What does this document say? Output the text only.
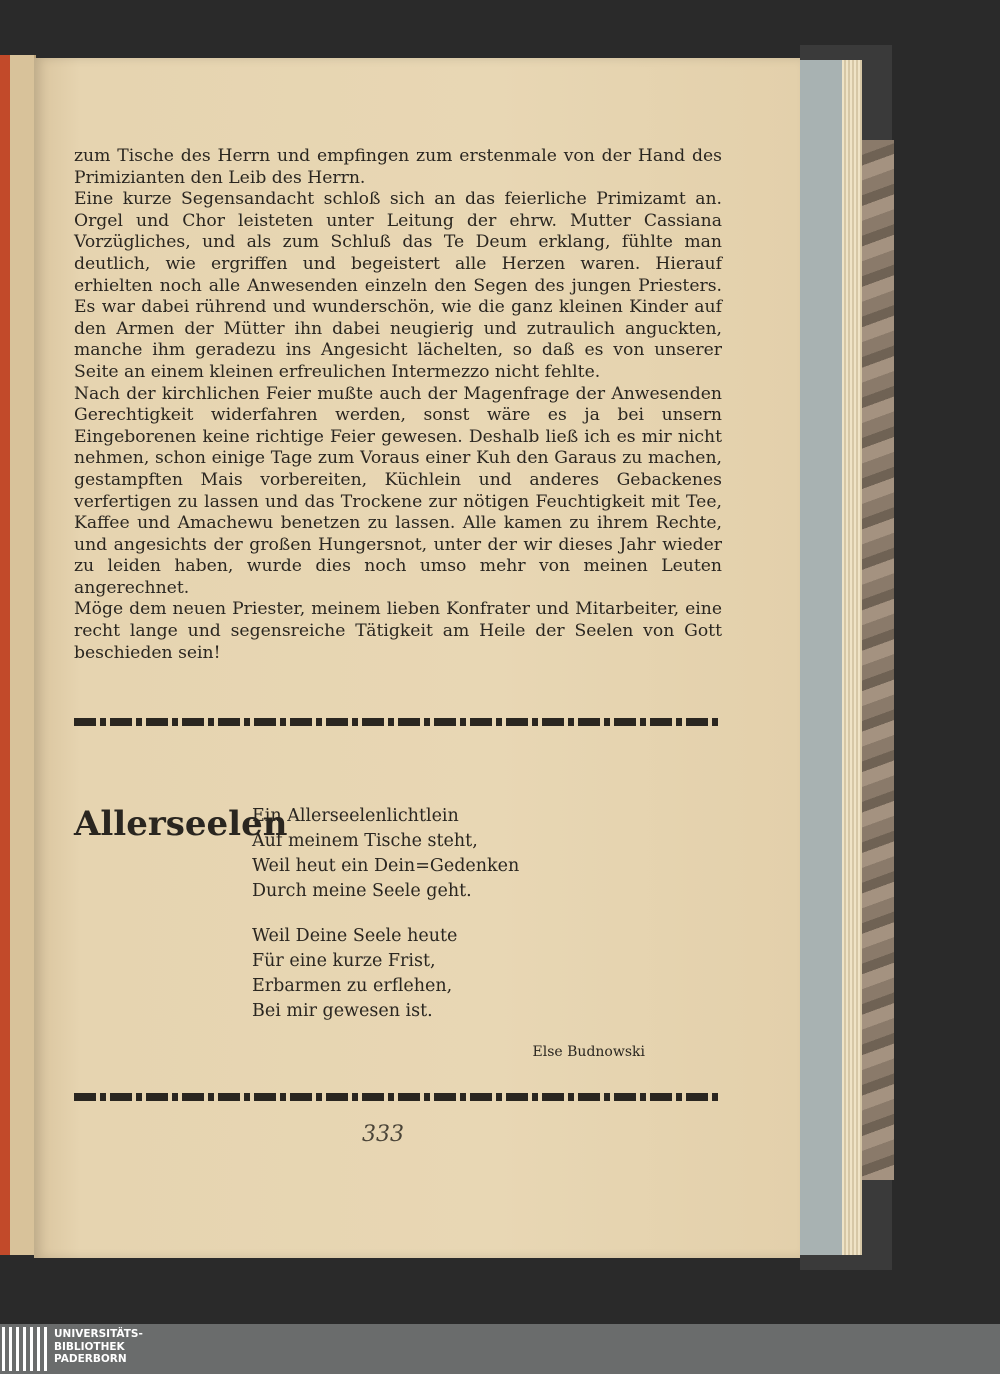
zum Tische des Herrn und empfingen zum erstenmale von der Hand des Primizianten den Leib des Herrn.

Eine kurze Segensandacht schloß sich an das feierliche Primizamt an. Orgel und Chor leisteten unter Leitung der ehrw. Mutter Cassiana Vorzügliches, und als zum Schluß das Te Deum erklang, fühlte man deutlich, wie ergriffen und begeistert alle Herzen waren. Hierauf erhielten noch alle Anwesenden einzeln den Segen des jungen Priesters. Es war dabei rührend und wunderschön, wie die ganz kleinen Kinder auf den Armen der Mütter ihn dabei neugierig und zutraulich anguckten, manche ihm geradezu ins Angesicht lächelten, so daß es von unserer Seite an einem kleinen erfreulichen Intermezzo nicht fehlte.

Nach der kirchlichen Feier mußte auch der Magenfrage der Anwesenden Gerechtigkeit widerfahren werden, sonst wäre es ja bei unsern Eingeborenen keine richtige Feier gewesen. Deshalb ließ ich es mir nicht nehmen, schon einige Tage zum Voraus einer Kuh den Garaus zu machen, gestampften Mais vorbereiten, Küchlein und anderes Gebackenes verfertigen zu lassen und das Trockene zur nötigen Feuchtigkeit mit Tee, Kaffee und Amachewu benetzen zu lassen. Alle kamen zu ihrem Rechte, und angesichts der großen Hungersnot, unter der wir dieses Jahr wieder zu leiden haben, wurde dies noch umso mehr von meinen Leuten angerechnet.

Möge dem neuen Priester, meinem lieben Konfrater und Mitarbeiter, eine recht lange und segensreiche Tätigkeit am Heile der Seelen von Gott beschieden sein!

Allerseelen
Ein Allerseelenlichtlein
Auf meinem Tische steht,
Weil heut ein Dein=Gedenken
Durch meine Seele geht.
Weil Deine Seele heute
Für eine kurze Frist,
Erbarmen zu erflehen,
Bei mir gewesen ist.
Else Budnowski
333
UNIVERSITÄTS-
BIBLIOTHEK
PADERBORN
